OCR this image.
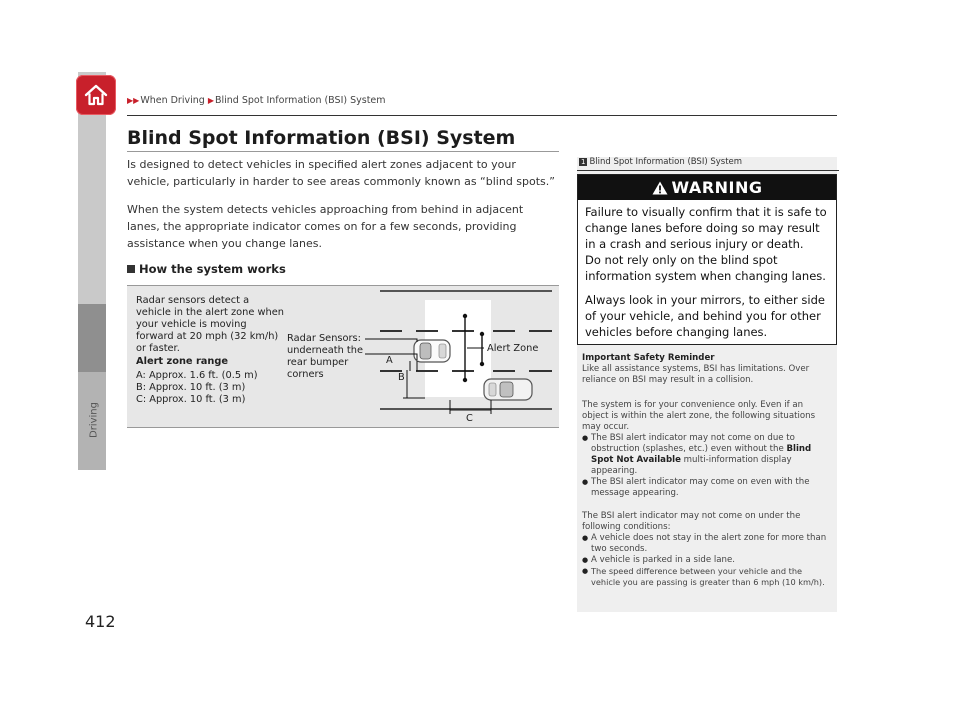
Driving
▶▶When Driving ▶Blind Spot Information (BSI) System
Blind Spot Information (BSI) System
Is designed to detect vehicles in specified alert zones adjacent to your vehicle, particularly in harder to see areas commonly known as “blind spots.”
When the system detects vehicles approaching from behind in adjacent lanes, the appropriate indicator comes on for a few seconds, providing assistance when you change lanes.
How the system works
Radar sensors detect a vehicle in the alert zone when your vehicle is moving forward at 20 mph (32 km/h) or faster.
Alert zone range
A: Approx. 1.6 ft. (0.5 m)
B: Approx. 10 ft. (3 m)
C: Approx. 10 ft. (3 m)
Radar Sensors: underneath the rear bumper corners
Alert Zone
A
B
C
1 Blind Spot Information (BSI) System
WARNING
Failure to visually confirm that it is safe to change lanes before doing so may result in a crash and serious injury or death.

Do not rely only on the blind spot information system when changing lanes.

Always look in your mirrors, to either side of your vehicle, and behind you for other vehicles before changing lanes.

Important Safety Reminder

Like all assistance systems, BSI has limitations. Over reliance on BSI may result in a collision.

The system is for your convenience only. Even if an object is within the alert zone, the following situations may occur.

● The BSI alert indicator may not come on due to obstruction (splashes, etc.) even without the Blind Spot Not Available multi-information display appearing.

● The BSI alert indicator may come on even with the message appearing.

The BSI alert indicator may not come on under the following conditions:

● A vehicle does not stay in the alert zone for more than two seconds.

● A vehicle is parked in a side lane.

● The speed difference between your vehicle and the vehicle you are passing is greater than 6 mph (10 km/h).

412
